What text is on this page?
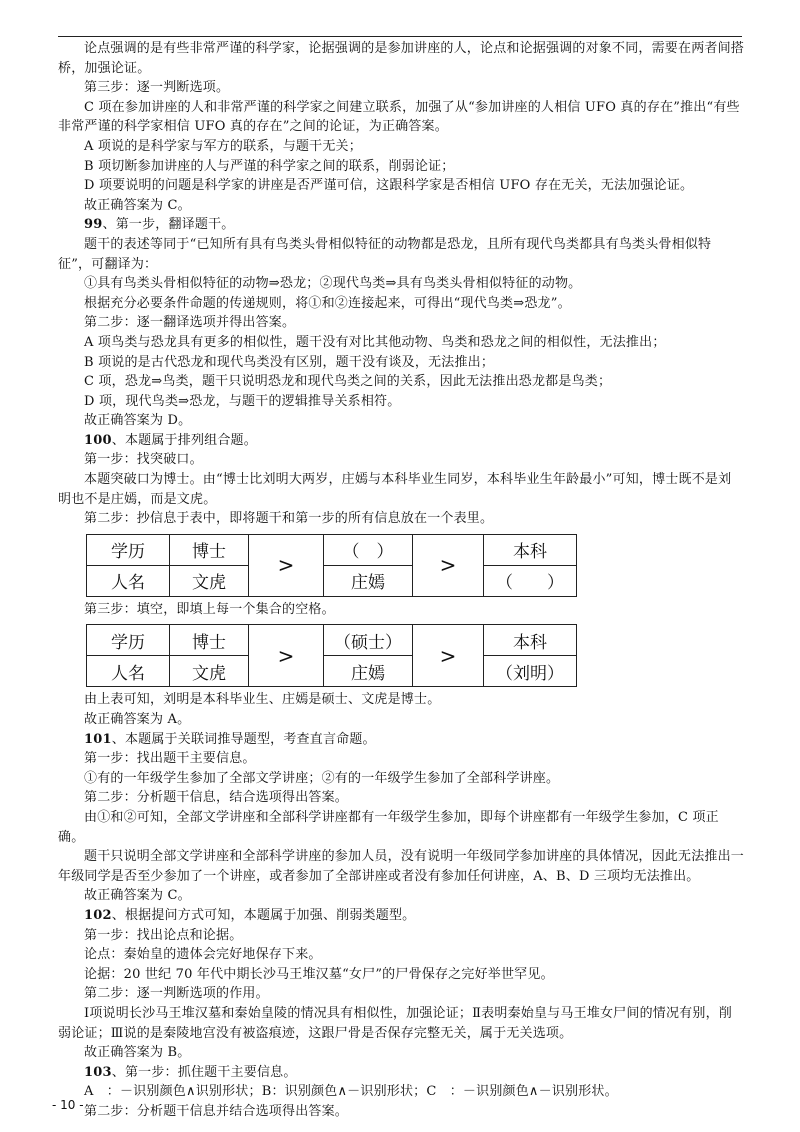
论点强调的是有些非常严谨的科学家，论据强调的是参加讲座的人，论点和论据强调的对象不同，需要在两者间搭桥，加强论证。

第三步：逐一判断选项。

C 项在参加讲座的人和非常严谨的科学家之间建立联系，加强了从“参加讲座的人相信 UFO 真的存在”推出“有些非常严谨的科学家相信 UFO 真的存在”之间的论证，为正确答案。

A 项说的是科学家与军方的联系，与题干无关；

B 项切断参加讲座的人与严谨的科学家之间的联系，削弱论证；

D 项要说明的问题是科学家的讲座是否严谨可信，这跟科学家是否相信 UFO 存在无关，无法加强论证。

故正确答案为 C。

99、第一步，翻译题干。

题干的表述等同于“已知所有具有鸟类头骨相似特征的动物都是恐龙，且所有现代鸟类都具有鸟类头骨相似特征”，可翻译为：

①具有鸟类头骨相似特征的动物⇒恐龙；②现代鸟类⇒具有鸟类头骨相似特征的动物。

根据充分必要条件命题的传递规则，将①和②连接起来，可得出“现代鸟类⇒恐龙”。

第二步：逐一翻译选项并得出答案。

A 项鸟类与恐龙具有更多的相似性，题干没有对比其他动物、鸟类和恐龙之间的相似性，无法推出；

B 项说的是古代恐龙和现代鸟类没有区别，题干没有谈及，无法推出；

C 项，恐龙⇒鸟类，题干只说明恐龙和现代鸟类之间的关系，因此无法推出恐龙都是鸟类；

D 项，现代鸟类⇒恐龙，与题干的逻辑推导关系相符。

故正确答案为 D。

100、本题属于排列组合题。

第一步：找突破口。

本题突破口为博士。由“博士比刘明大两岁，庄嫣与本科毕业生同岁，本科毕业生年龄最小”可知，博士既不是刘明也不是庄嫣，而是文虎。

第二步：抄信息于表中，即将题干和第一步的所有信息放在一个表里。

学历	博士	>	（　）	>	本科
人名	文虎		庄嫣		（　　）

第三步：填空，即填上每一个集合的空格。

学历	博士	>	（硕士）	>	本科
人名	文虎		庄嫣		（刘明）

由上表可知，刘明是本科毕业生、庄嫣是硕士、文虎是博士。

故正确答案为 A。

101、本题属于关联词推导题型，考查直言命题。

第一步：找出题干主要信息。

①有的一年级学生参加了全部文学讲座；②有的一年级学生参加了全部科学讲座。

第二步：分析题干信息，结合选项得出答案。

由①和②可知，全部文学讲座和全部科学讲座都有一年级学生参加，即每个讲座都有一年级学生参加，C 项正确。

题干只说明全部文学讲座和全部科学讲座的参加人员，没有说明一年级同学参加讲座的具体情况，因此无法推出一年级同学是否至少参加了一个讲座，或者参加了全部讲座或者没有参加任何讲座，A、B、D 三项均无法推出。

故正确答案为 C。

102、根据提问方式可知，本题属于加强、削弱类题型。

第一步：找出论点和论据。

论点：秦始皇的遗体会完好地保存下来。

论据：20 世纪 70 年代中期长沙马王堆汉墓“女尸”的尸骨保存之完好举世罕见。

第二步：逐一判断选项的作用。

Ⅰ项说明长沙马王堆汉墓和秦始皇陵的情况具有相似性，加强论证；Ⅱ表明秦始皇与马王堆女尸间的情况有别，削弱论证；Ⅲ说的是秦陵地宫没有被盗痕迹，这跟尸骨是否保存完整无关，属于无关选项。

故正确答案为 B。

103、第一步：抓住题干主要信息。

A　：－识别颜色∧识别形状；B：识别颜色∧－识别形状；C　：－识别颜色∧－识别形状。

第二步：分析题干信息并结合选项得出答案。

- 10 -
